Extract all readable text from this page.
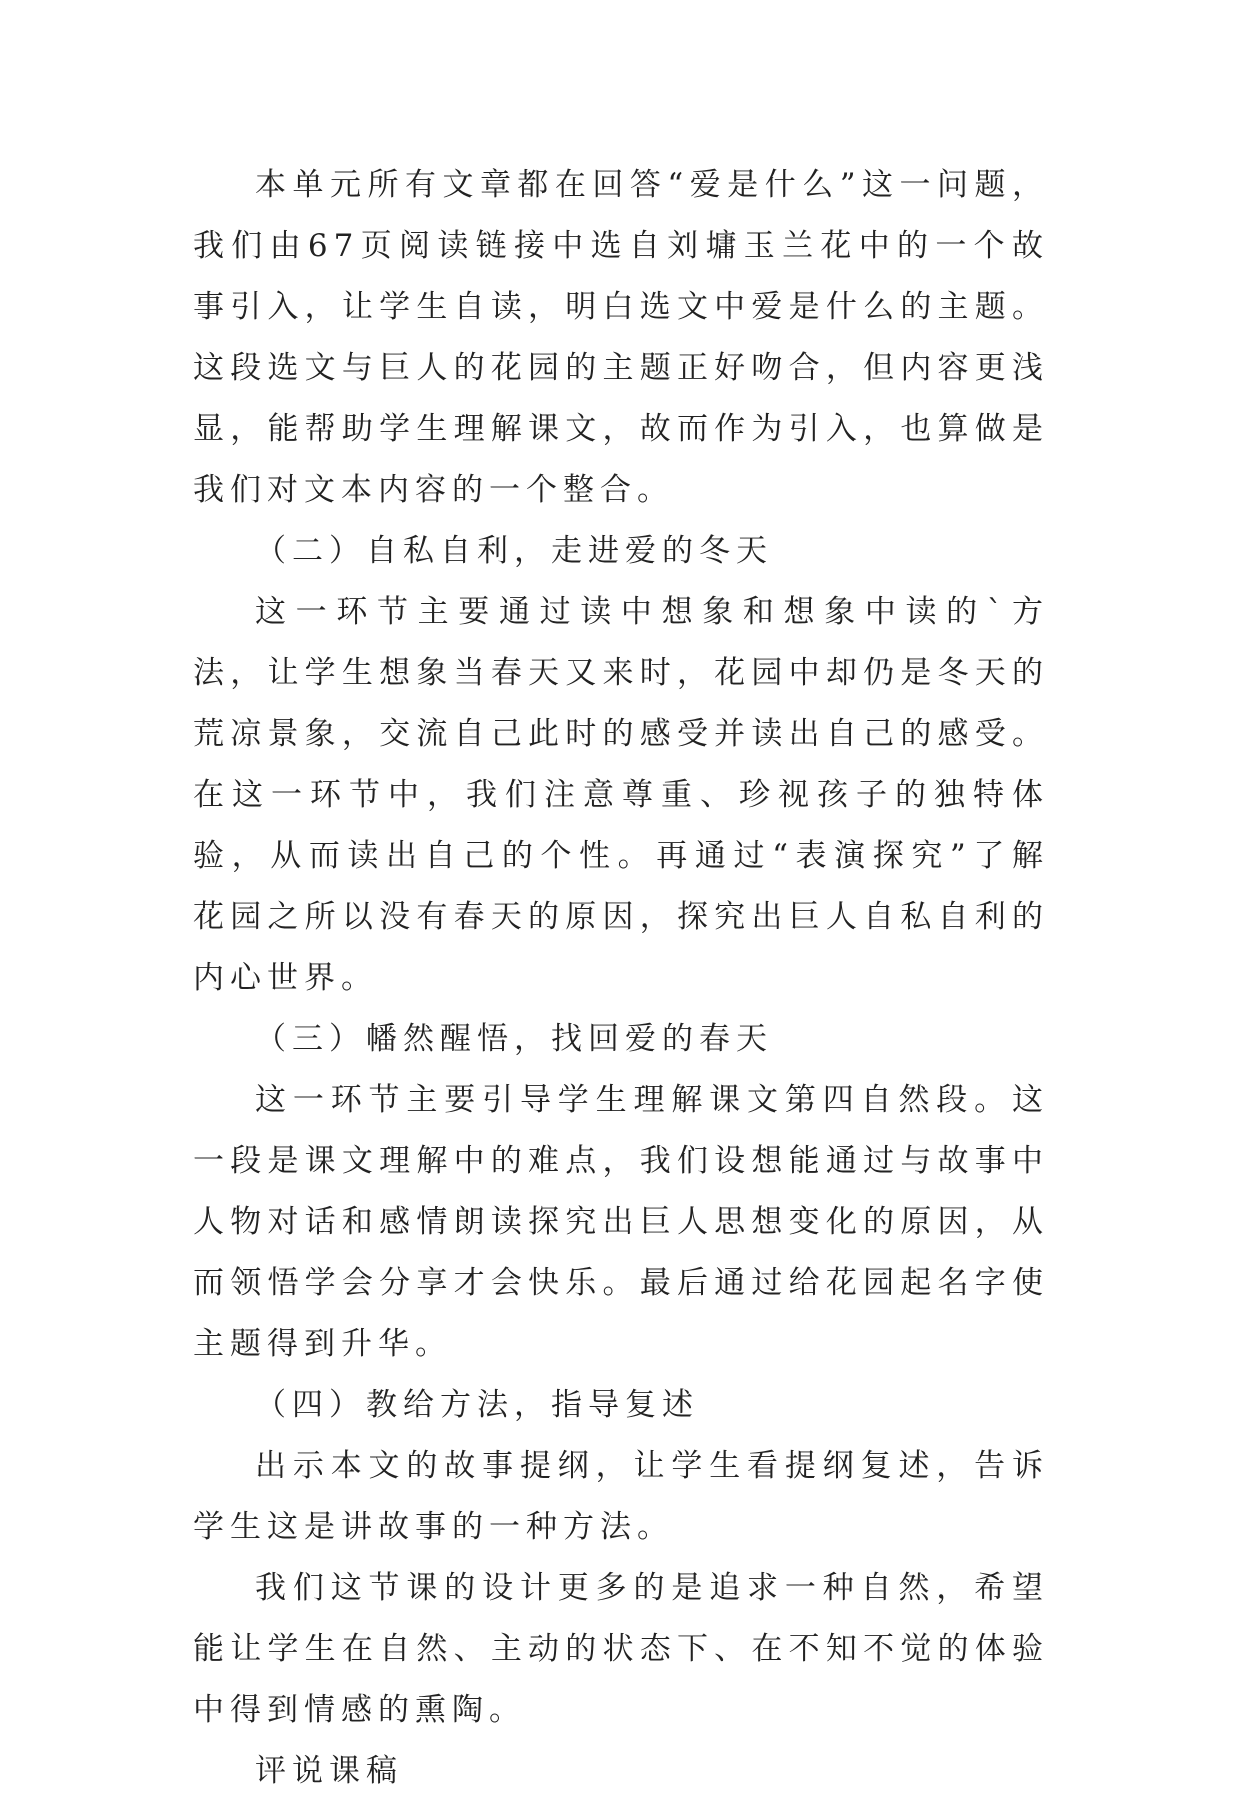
本单元所有文章都在回答“爱是什么”这一问题，我们由67页阅读链接中选自刘墉玉兰花中的一个故事引入，让学生自读，明白选文中爱是什么的主题。这段选文与巨人的花园的主题正好吻合，但内容更浅显，能帮助学生理解课文，故而作为引入，也算做是我们对文本内容的一个整合。

（二）自私自利，走进爱的冬天

这一环节主要通过读中想象和想象中读的`方法，让学生想象当春天又来时，花园中却仍是冬天的荒凉景象，交流自己此时的感受并读出自己的感受。在这一环节中，我们注意尊重、珍视孩子的独特体验，从而读出自己的个性。再通过“表演探究”了解花园之所以没有春天的原因，探究出巨人自私自利的内心世界。

（三）幡然醒悟，找回爱的春天

这一环节主要引导学生理解课文第四自然段。这一段是课文理解中的难点，我们设想能通过与故事中人物对话和感情朗读探究出巨人思想变化的原因，从而领悟学会分享才会快乐。最后通过给花园起名字使主题得到升华。

（四）教给方法，指导复述

出示本文的故事提纲，让学生看提纲复述，告诉学生这是讲故事的一种方法。

我们这节课的设计更多的是追求一种自然，希望能让学生在自然、主动的状态下、在不知不觉的体验中得到情感的熏陶。

评说课稿
